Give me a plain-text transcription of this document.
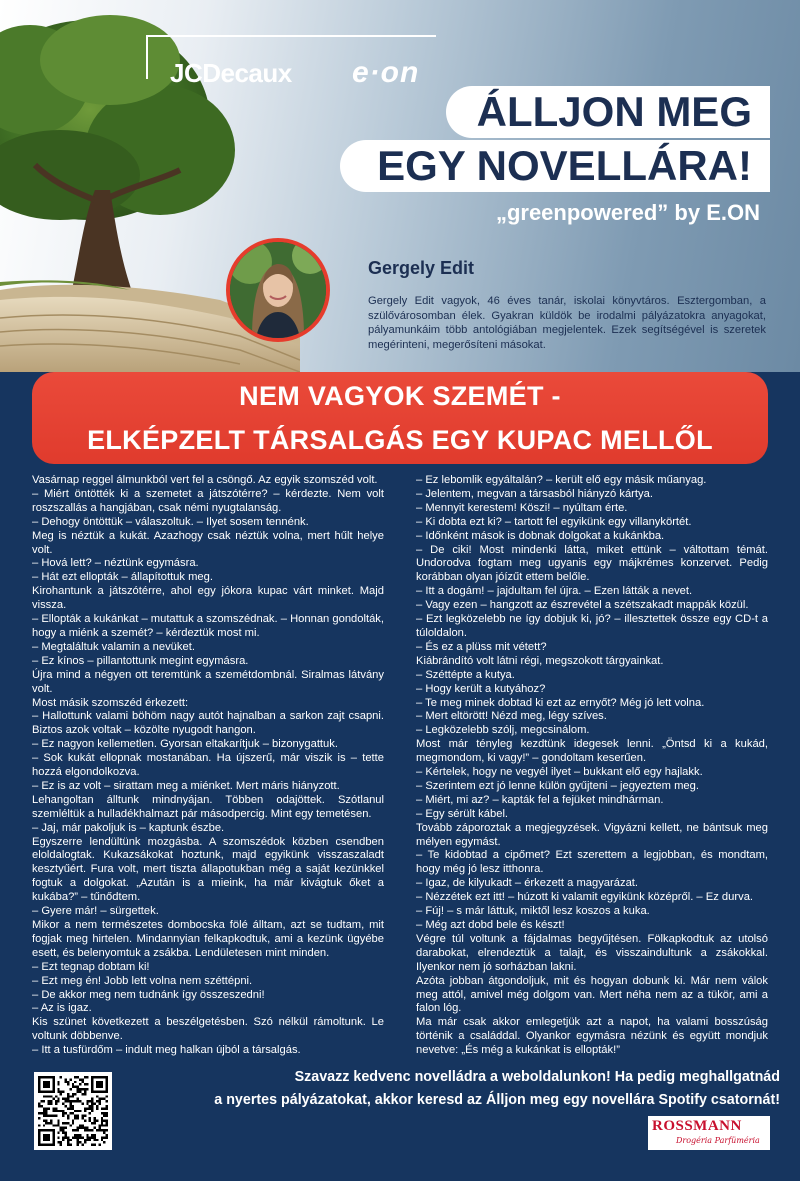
JCDecaux e·on
ÁLLJON MEG
EGY NOVELLÁRA!
„greenpowered” by E.ON
Gergely Edit
Gergely Edit vagyok, 46 éves tanár, iskolai könyvtáros. Esztergomban, a szülővárosomban élek. Gyakran küldök be irodalmi pályázatokra anyagokat, pályamunkáim több antológiában megjelentek. Ezek segítségével is szeretek megérinteni, megerősíteni másokat.
NEM VAGYOK SZEMÉT -
ELKÉPZELT TÁRSALGÁS EGY KUPAC MELLŐL

Vasárnap reggel álmunkból vert fel a csöngő. Az egyik szomszéd volt.

– Miért öntötték ki a szemetet a játszótérre? – kérdezte. Nem volt roszszallás a hangjában, csak némi nyugtalanság.

– Dehogy öntöttük – válaszoltuk. – Ilyet sosem tennénk.

Meg is néztük a kukát. Azazhogy csak néztük volna, mert hűlt helye volt.

– Hová lett? – néztünk egymásra.

– Hát ezt ellopták – állapítottuk meg.

Kirohantunk a játszótérre, ahol egy jókora kupac várt minket. Majd vissza.

– Ellopták a kukánkat – mutattuk a szomszédnak. – Honnan gondolták, hogy a miénk a szemét? – kérdeztük most mi.

– Megtaláltuk valamin a nevüket.

– Ez kínos – pillantottunk megint egymásra.

Újra mind a négyen ott teremtünk a szemétdombnál. Siralmas látvány volt.

Most másik szomszéd érkezett:

– Hallottunk valami böhöm nagy autót hajnalban a sarkon zajt csapni. Biztos azok voltak – közölte nyugodt hangon.

– Ez nagyon kellemetlen. Gyorsan eltakarítjuk – bizonygattuk.

– Sok kukát ellopnak mostanában. Ha újszerű, már viszik is – tette hozzá elgondolkozva.

– Ez is az volt – sirattam meg a miénket. Mert máris hiányzott.

Lehangoltan álltunk mindnyájan. Többen odajöttek. Szótlanul szemléltük a hulladékhalmazt pár másodpercig. Mint egy temetésen.

– Jaj, már pakoljuk is – kaptunk észbe.

Egyszerre lendültünk mozgásba. A szomszédok közben csendben eloldalogtak. Kukazsákokat hoztunk, majd egyikünk visszaszaladt kesztyűért. Fura volt, mert tiszta állapotukban még a saját kezünkkel fogtuk a dolgokat. „Azután is a mieink, ha már kivágtuk őket a kukába?” – tűnődtem.

– Gyere már! – sürgettek.

Mikor a nem természetes dombocska fölé álltam, azt se tudtam, mit fogjak meg hirtelen. Mindannyian felkapkodtuk, ami a kezünk ügyébe esett, és belenyomtuk a zsákba. Lendületesen mint minden.

– Ezt tegnap dobtam ki!

– Ezt meg én! Jobb lett volna nem széttépni.

– De akkor meg nem tudnánk így összeszedni!

– Az is igaz.

Kis szünet következett a beszélgetésben. Szó nélkül rámoltunk. Le voltunk döbbenve.

– Itt a tusfürdőm – indult meg halkan újból a társalgás.

– Ez lebomlik egyáltalán? – került elő egy másik műanyag.

– Jelentem, megvan a társasból hiányzó kártya.

– Mennyit kerestem! Köszi! – nyúltam érte.

– Ki dobta ezt ki? – tartott fel egyikünk egy villanykörtét.

– Időnként mások is dobnak dolgokat a kukánkba.

– De ciki! Most mindenki látta, miket ettünk – váltottam témát. Undorodva fogtam meg ugyanis egy májkrémes konzervet. Pedig korábban olyan jóízűt ettem belőle.

– Itt a dogám! – jajdultam fel újra. – Ezen látták a nevet.

– Vagy ezen – hangzott az észrevétel a szétszakadt mappák közül.

– Ezt legközelebb ne így dobjuk ki, jó? – illesztettek össze egy CD-t a túloldalon.

– És ez a plüss mit vétett?

Kiábrándító volt látni régi, megszokott tárgyainkat.

– Széttépte a kutya.

– Hogy került a kutyához?

– Te meg minek dobtad ki ezt az ernyőt? Még jó lett volna.

– Mert eltörött! Nézd meg, légy szíves.

– Legközelebb szólj, megcsinálom.

Most már tényleg kezdtünk idegesek lenni. „Öntsd ki a kukád, megmondom, ki vagy!” – gondoltam keserűen.

– Kértelek, hogy ne vegyél ilyet – bukkant elő egy hajlakk.

– Szerintem ezt jó lenne külön gyűjteni – jegyeztem meg.

– Miért, mi az? – kapták fel a fejüket mindhárman.

– Egy sérült kábel.

Tovább záporoztak a megjegyzések. Vigyázni kellett, ne bántsuk meg mélyen egymást.

– Te kidobtad a cipőmet? Ezt szerettem a legjobban, és mondtam, hogy még jó lesz itthonra.

– Igaz, de kilyukadt – érkezett a magyarázat.

– Nézzétek ezt itt! – húzott ki valamit egyikünk középről. – Ez durva.

– Fúj! – s már láttuk, miktől lesz koszos a kuka.

– Még azt dobd bele és készt!

Végre túl voltunk a fájdalmas begyűjtésen. Fölkapkodtuk az utolsó darabokat, elrendeztük a talajt, és visszaindultunk a zsákokkal. Ilyenkor nem jó sorházban lakni.

Azóta jobban átgondoljuk, mit és hogyan dobunk ki. Már nem válok meg attól, amivel még dolgom van. Mert néha nem az a tükör, ami a falon lóg.

Ma már csak akkor emlegetjük azt a napot, ha valami bosszúság történik a családdal. Olyankor egymásra nézünk és együtt mondjuk nevetve: „És még a kukánkat is ellopták!”

Szavazz kedvenc novelládra a weboldalunkon! Ha pedig meghallgatnád
a nyertes pályázatokat, akkor keresd az Álljon meg egy novellára Spotify csatornát!
ROSSMANN
Drogéria Parfüméria
